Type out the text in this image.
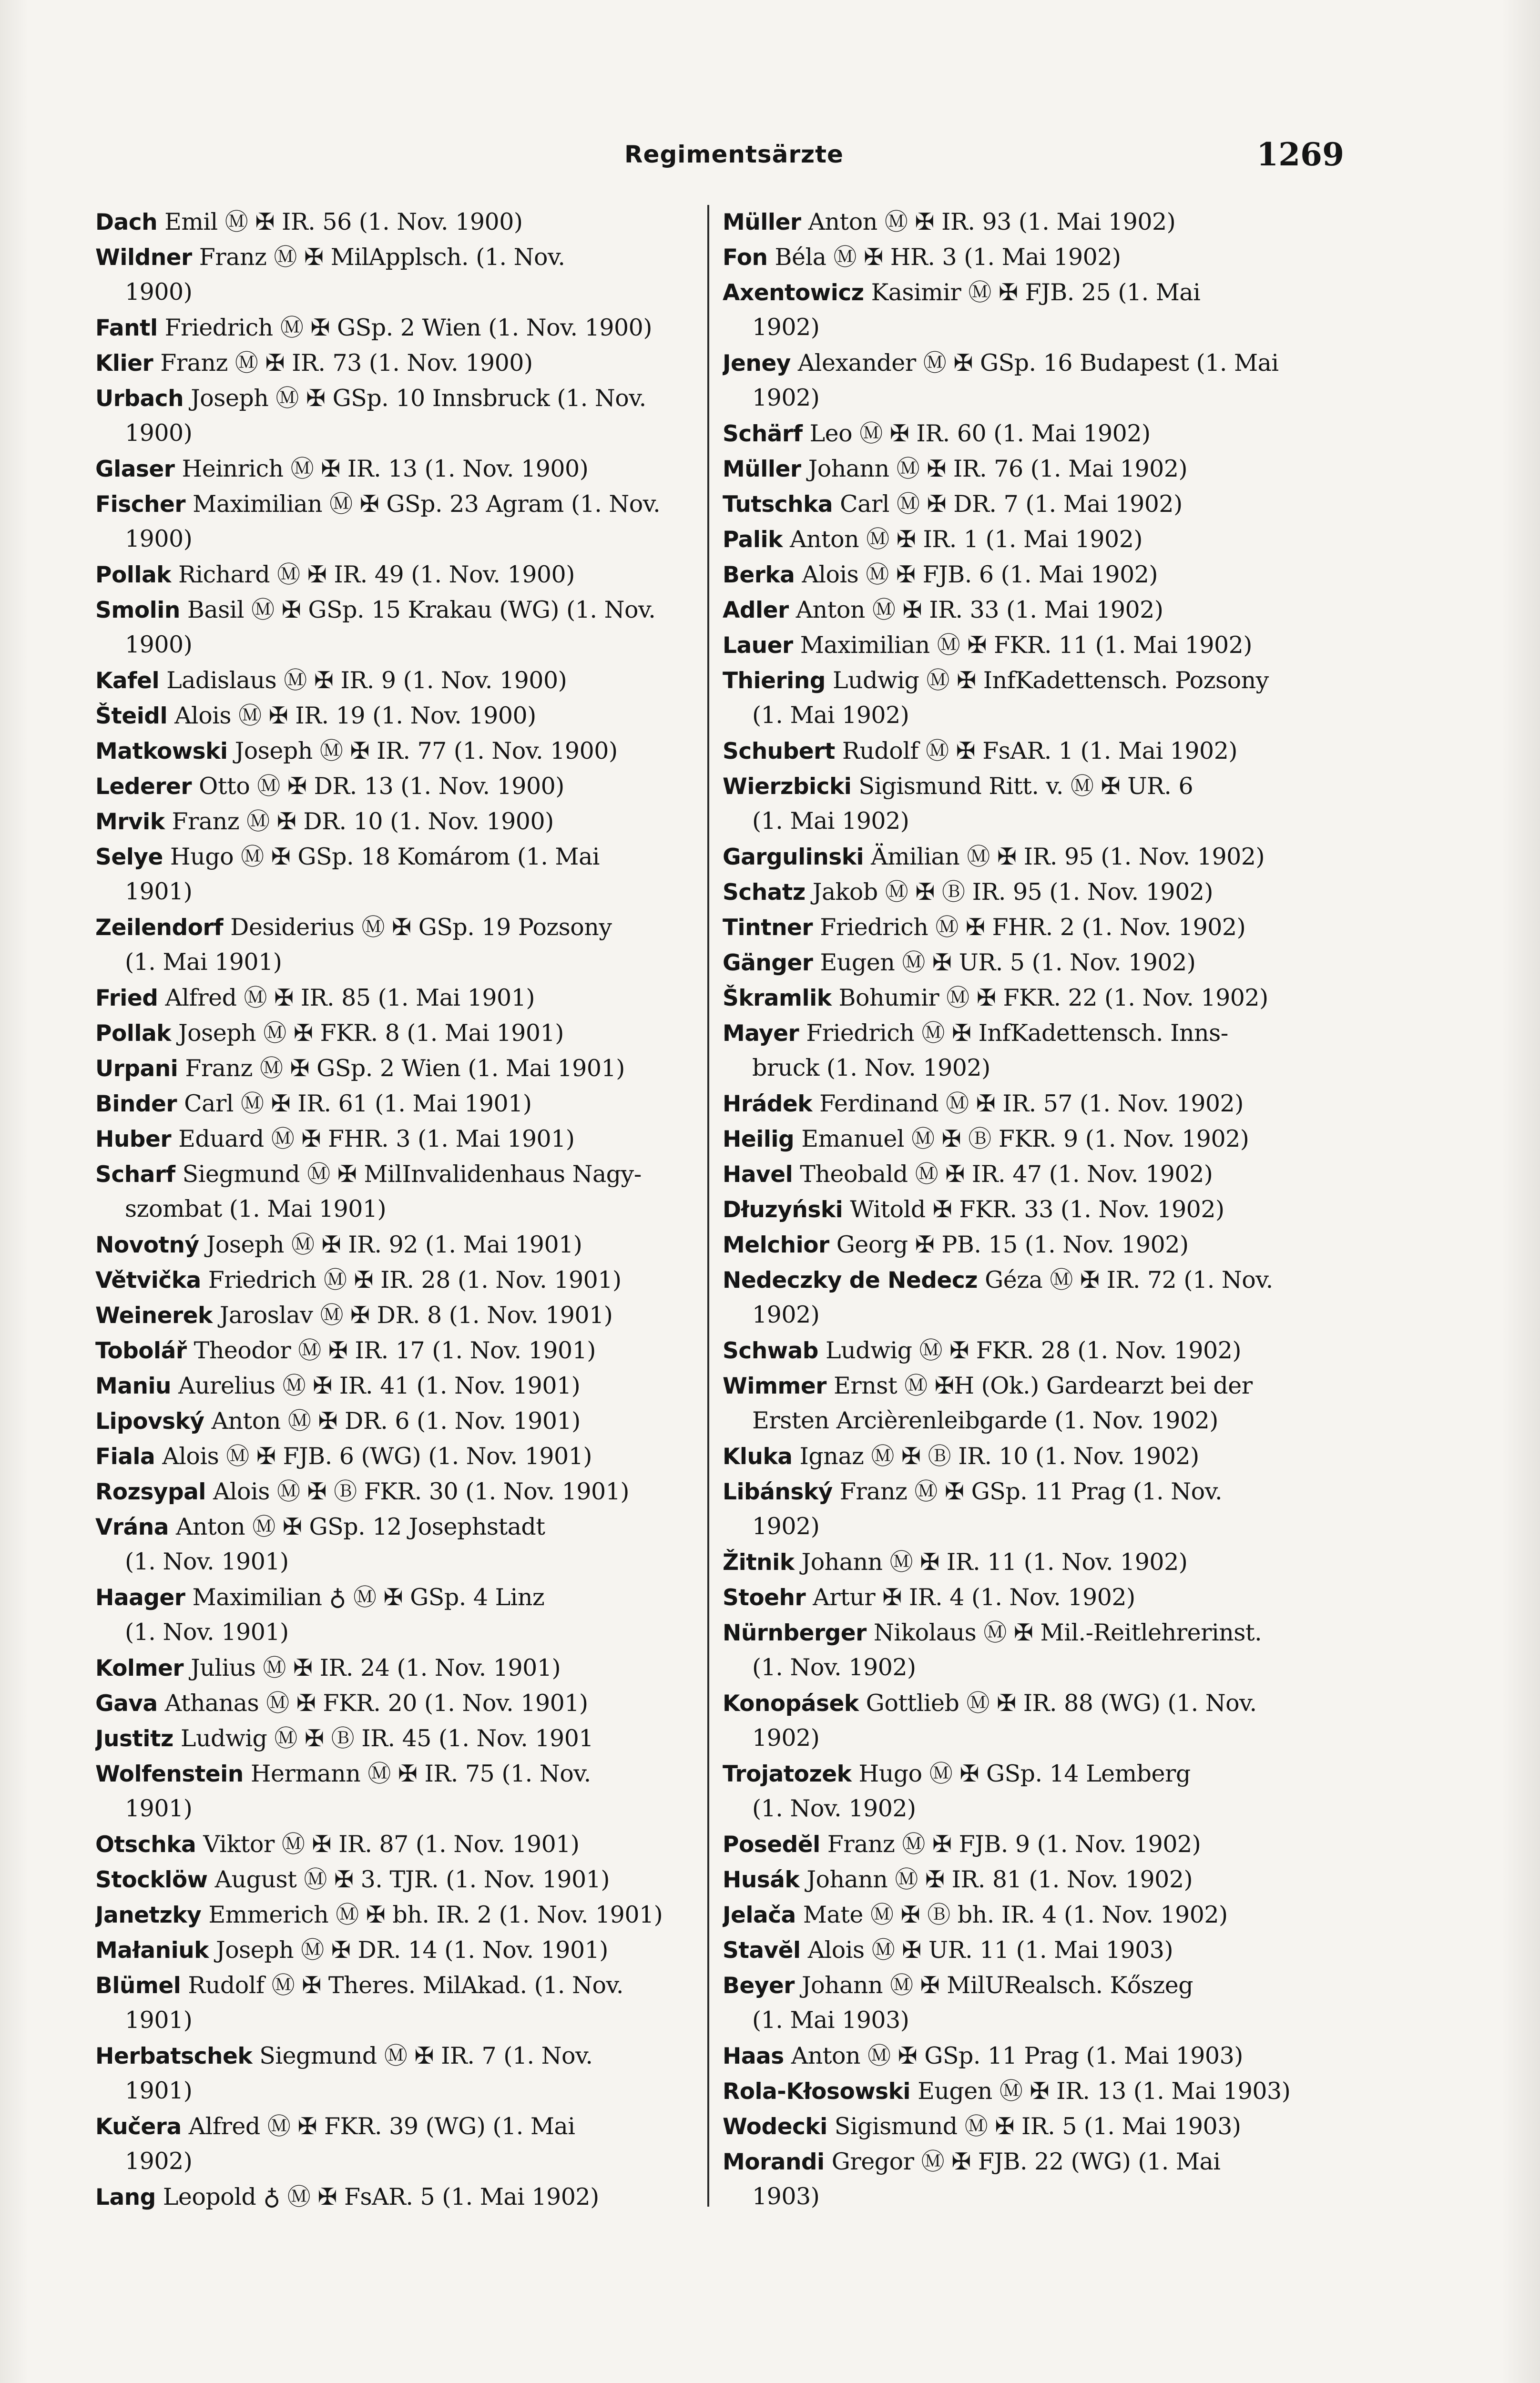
Regimentsärzte	1269
Dach Emil Ⓜ ✠ IR. 56 (1. Nov. 1900)
Wildner Franz Ⓜ ✠ MilApplsch. (1. Nov.
1900)
Fantl Friedrich Ⓜ ✠ GSp. 2 Wien (1. Nov. 1900)
Klier Franz Ⓜ ✠ IR. 73 (1. Nov. 1900)
Urbach Joseph Ⓜ ✠ GSp. 10 Innsbruck (1. Nov.
1900)
Glaser Heinrich Ⓜ ✠ IR. 13 (1. Nov. 1900)
Fischer Maximilian Ⓜ ✠ GSp. 23 Agram (1. Nov.
1900)
Pollak Richard Ⓜ ✠ IR. 49 (1. Nov. 1900)
Smolin Basil Ⓜ ✠ GSp. 15 Krakau (WG) (1. Nov.
1900)
Kafel Ladislaus Ⓜ ✠ IR. 9 (1. Nov. 1900)
Šteidl Alois Ⓜ ✠ IR. 19 (1. Nov. 1900)
Matkowski Joseph Ⓜ ✠ IR. 77 (1. Nov. 1900)
Lederer Otto Ⓜ ✠ DR. 13 (1. Nov. 1900)
Mrvik Franz Ⓜ ✠ DR. 10 (1. Nov. 1900)
Selye Hugo Ⓜ ✠ GSp. 18 Komárom (1. Mai
1901)
Zeilendorf Desiderius Ⓜ ✠ GSp. 19 Pozsony
(1. Mai 1901)
Fried Alfred Ⓜ ✠ IR. 85 (1. Mai 1901)
Pollak Joseph Ⓜ ✠ FKR. 8 (1. Mai 1901)
Urpani Franz Ⓜ ✠ GSp. 2 Wien (1. Mai 1901)
Binder Carl Ⓜ ✠ IR. 61 (1. Mai 1901)
Huber Eduard Ⓜ ✠ FHR. 3 (1. Mai 1901)
Scharf Siegmund Ⓜ ✠ MilInvalidenhaus Nagy-
szombat (1. Mai 1901)
Novotný Joseph Ⓜ ✠ IR. 92 (1. Mai 1901)
Větvička Friedrich Ⓜ ✠ IR. 28 (1. Nov. 1901)
Weinerek Jaroslav Ⓜ ✠ DR. 8 (1. Nov. 1901)
Tobolář Theodor Ⓜ ✠ IR. 17 (1. Nov. 1901)
Maniu Aurelius Ⓜ ✠ IR. 41 (1. Nov. 1901)
Lipovský Anton Ⓜ ✠ DR. 6 (1. Nov. 1901)
Fiala Alois Ⓜ ✠ FJB. 6 (WG) (1. Nov. 1901)
Rozsypal Alois Ⓜ ✠ Ⓑ FKR. 30 (1. Nov. 1901)
Vrána Anton Ⓜ ✠ GSp. 12 Josephstadt
(1. Nov. 1901)
Haager Maximilian ♁ Ⓜ ✠ GSp. 4 Linz
(1. Nov. 1901)
Kolmer Julius Ⓜ ✠ IR. 24 (1. Nov. 1901)
Gava Athanas Ⓜ ✠ FKR. 20 (1. Nov. 1901)
Justitz Ludwig Ⓜ ✠ Ⓑ IR. 45 (1. Nov. 1901
Wolfenstein Hermann Ⓜ ✠ IR. 75 (1. Nov.
1901)
Otschka Viktor Ⓜ ✠ IR. 87 (1. Nov. 1901)
Stocklöw August Ⓜ ✠ 3. TJR. (1. Nov. 1901)
Janetzky Emmerich Ⓜ ✠ bh. IR. 2 (1. Nov. 1901)
Małaniuk Joseph Ⓜ ✠ DR. 14 (1. Nov. 1901)
Blümel Rudolf Ⓜ ✠ Theres. MilAkad. (1. Nov.
1901)
Herbatschek Siegmund Ⓜ ✠ IR. 7 (1. Nov.
1901)
Kučera Alfred Ⓜ ✠ FKR. 39 (WG) (1. Mai
1902)
Lang Leopold ♁ Ⓜ ✠ FsAR. 5 (1. Mai 1902)
Müller Anton Ⓜ ✠ IR. 93 (1. Mai 1902)
Fon Béla Ⓜ ✠ HR. 3 (1. Mai 1902)
Axentowicz Kasimir Ⓜ ✠ FJB. 25 (1. Mai
1902)
Jeney Alexander Ⓜ ✠ GSp. 16 Budapest (1. Mai
1902)
Schärf Leo Ⓜ ✠ IR. 60 (1. Mai 1902)
Müller Johann Ⓜ ✠ IR. 76 (1. Mai 1902)
Tutschka Carl Ⓜ ✠ DR. 7 (1. Mai 1902)
Palik Anton Ⓜ ✠ IR. 1 (1. Mai 1902)
Berka Alois Ⓜ ✠ FJB. 6 (1. Mai 1902)
Adler Anton Ⓜ ✠ IR. 33 (1. Mai 1902)
Lauer Maximilian Ⓜ ✠ FKR. 11 (1. Mai 1902)
Thiering Ludwig Ⓜ ✠ InfKadettensch. Pozsony
(1. Mai 1902)
Schubert Rudolf Ⓜ ✠ FsAR. 1 (1. Mai 1902)
Wierzbicki Sigismund Ritt. v. Ⓜ ✠ UR. 6
(1. Mai 1902)
Gargulinski Ämilian Ⓜ ✠ IR. 95 (1. Nov. 1902)
Schatz Jakob Ⓜ ✠ Ⓑ IR. 95 (1. Nov. 1902)
Tintner Friedrich Ⓜ ✠ FHR. 2 (1. Nov. 1902)
Gänger Eugen Ⓜ ✠ UR. 5 (1. Nov. 1902)
Škramlik Bohumir Ⓜ ✠ FKR. 22 (1. Nov. 1902)
Mayer Friedrich Ⓜ ✠ InfKadettensch. Inns-
bruck (1. Nov. 1902)
Hrádek Ferdinand Ⓜ ✠ IR. 57 (1. Nov. 1902)
Heilig Emanuel Ⓜ ✠ Ⓑ FKR. 9 (1. Nov. 1902)
Havel Theobald Ⓜ ✠ IR. 47 (1. Nov. 1902)
Dłuzyński Witold ✠ FKR. 33 (1. Nov. 1902)
Melchior Georg ✠ PB. 15 (1. Nov. 1902)
Nedeczky de Nedecz Géza Ⓜ ✠ IR. 72 (1. Nov.
1902)
Schwab Ludwig Ⓜ ✠ FKR. 28 (1. Nov. 1902)
Wimmer Ernst Ⓜ ✠H (Ok.) Gardearzt bei der
Ersten Arcièrenleibgarde (1. Nov. 1902)
Kluka Ignaz Ⓜ ✠ Ⓑ IR. 10 (1. Nov. 1902)
Libánský Franz Ⓜ ✠ GSp. 11 Prag (1. Nov.
1902)
Žitnik Johann Ⓜ ✠ IR. 11 (1. Nov. 1902)
Stoehr Artur ✠ IR. 4 (1. Nov. 1902)
Nürnberger Nikolaus Ⓜ ✠ Mil.-Reitlehrerinst.
(1. Nov. 1902)
Konopásek Gottlieb Ⓜ ✠ IR. 88 (WG) (1. Nov.
1902)
Trojatozek Hugo Ⓜ ✠ GSp. 14 Lemberg
(1. Nov. 1902)
Posedĕl Franz Ⓜ ✠ FJB. 9 (1. Nov. 1902)
Husák Johann Ⓜ ✠ IR. 81 (1. Nov. 1902)
Jelača Mate Ⓜ ✠ Ⓑ bh. IR. 4 (1. Nov. 1902)
Stavĕl Alois Ⓜ ✠ UR. 11 (1. Mai 1903)
Beyer Johann Ⓜ ✠ MilURealsch. Kőszeg
(1. Mai 1903)
Haas Anton Ⓜ ✠ GSp. 11 Prag (1. Mai 1903)
Rola-Kłosowski Eugen Ⓜ ✠ IR. 13 (1. Mai 1903)
Wodecki Sigismund Ⓜ ✠ IR. 5 (1. Mai 1903)
Morandi Gregor Ⓜ ✠ FJB. 22 (WG) (1. Mai
1903)
